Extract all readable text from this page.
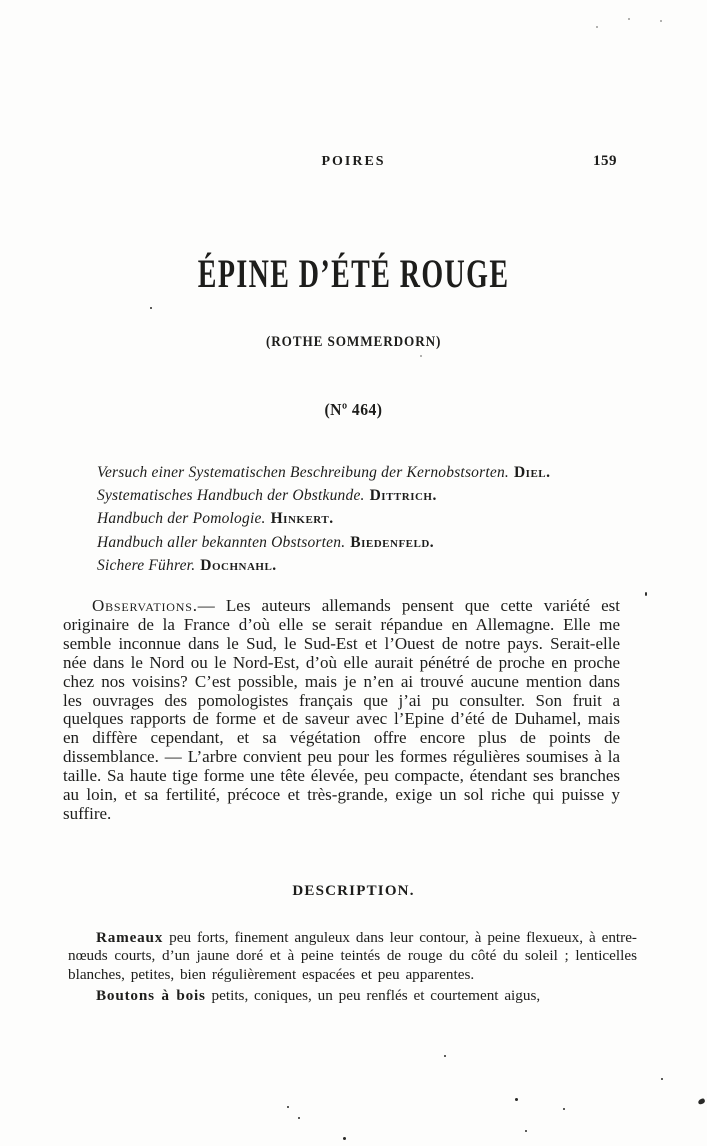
POIRES	159
ÉPINE D’ÉTÉ ROUGE
(ROTHE SOMMERDORN)
(Nº 464)
Versuch einer Systematischen Beschreibung der Kernobstsorten. Diel.
Systematisches Handbuch der Obstkunde. Dittrich.
Handbuch der Pomologie. Hinkert.
Handbuch aller bekannten Obstsorten. Biedenfeld.
Sichere Führer. Dochnahl.

Observations.— Les auteurs allemands pensent que cette variété est originaire de la France d’où elle se serait répandue en Allemagne. Elle me semble inconnue dans le Sud, le Sud-Est et l’Ouest de notre pays. Serait-elle née dans le Nord ou le Nord-Est, d’où elle aurait pénétré de proche en proche chez nos voisins? C’est possible, mais je n’en ai trouvé aucune mention dans les ouvrages des pomologistes français que j’ai pu consulter. Son fruit a quelques rapports de forme et de saveur avec l’Epine d’été de Duhamel, mais en diffère cependant, et sa végétation offre encore plus de points de dissemblance. — L’arbre convient peu pour les formes régulières soumises à la taille. Sa haute tige forme une tête élevée, peu compacte, étendant ses branches au loin, et sa fertilité, précoce et très-grande, exige un sol riche qui puisse y suffire.

DESCRIPTION.

Rameaux peu forts, finement anguleux dans leur contour, à peine flexueux, à entre-nœuds courts, d’un jaune doré et à peine teintés de rouge du côté du soleil ; lenticelles blanches, petites, bien régulièrement espacées et peu apparentes.

Boutons à bois petits, coniques, un peu renflés et courtement aigus,
